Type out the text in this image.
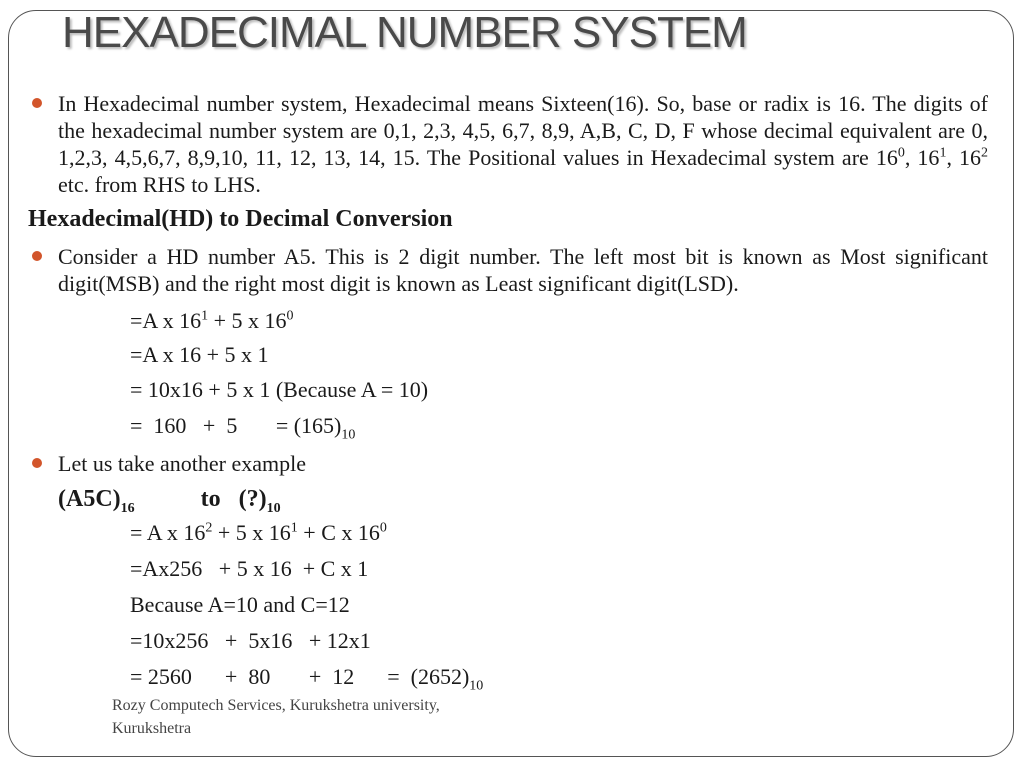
HEXADECIMAL NUMBER SYSTEM
In Hexadecimal number system, Hexadecimal means Sixteen(16). So, base or radix is 16. The digits of the hexadecimal number system are 0,1, 2,3, 4,5, 6,7, 8,9, A,B, C, D, F whose decimal equivalent are 0, 1,2,3, 4,5,6,7, 8,9,10, 11, 12, 13, 14, 15. The Positional values in Hexadecimal system are $16^0$, $16^1$, $16^2$ etc. from RHS to LHS.
Hexadecimal(HD) to Decimal Conversion
Consider a HD number A5. This is 2 digit number. The left most bit is known as Most significant digit(MSB) and the right most digit is known as Least significant digit(LSD).
=A x $16^1 + 5$ x $16^0$
=A x 16 + 5 x 1
= 10x16 + 5 x 1 (Because A = 10)
=  160   +  5       = $(165)_{10}$
Let us take another example
$(A5C)_{16}$           to   $(?)_{10}$
= A x $16^2 + 5$ x $16^1 + C$ x $16^0$
=Ax256   + 5 x 16  + C x 1
Because A=10 and C=12
=10x256   +  5x16   + 12x1
= 2560      +  80       +  12      =  $(2652)_{10}$
Rozy Computech Services, Kurukshetra university,
Kurukshetra
